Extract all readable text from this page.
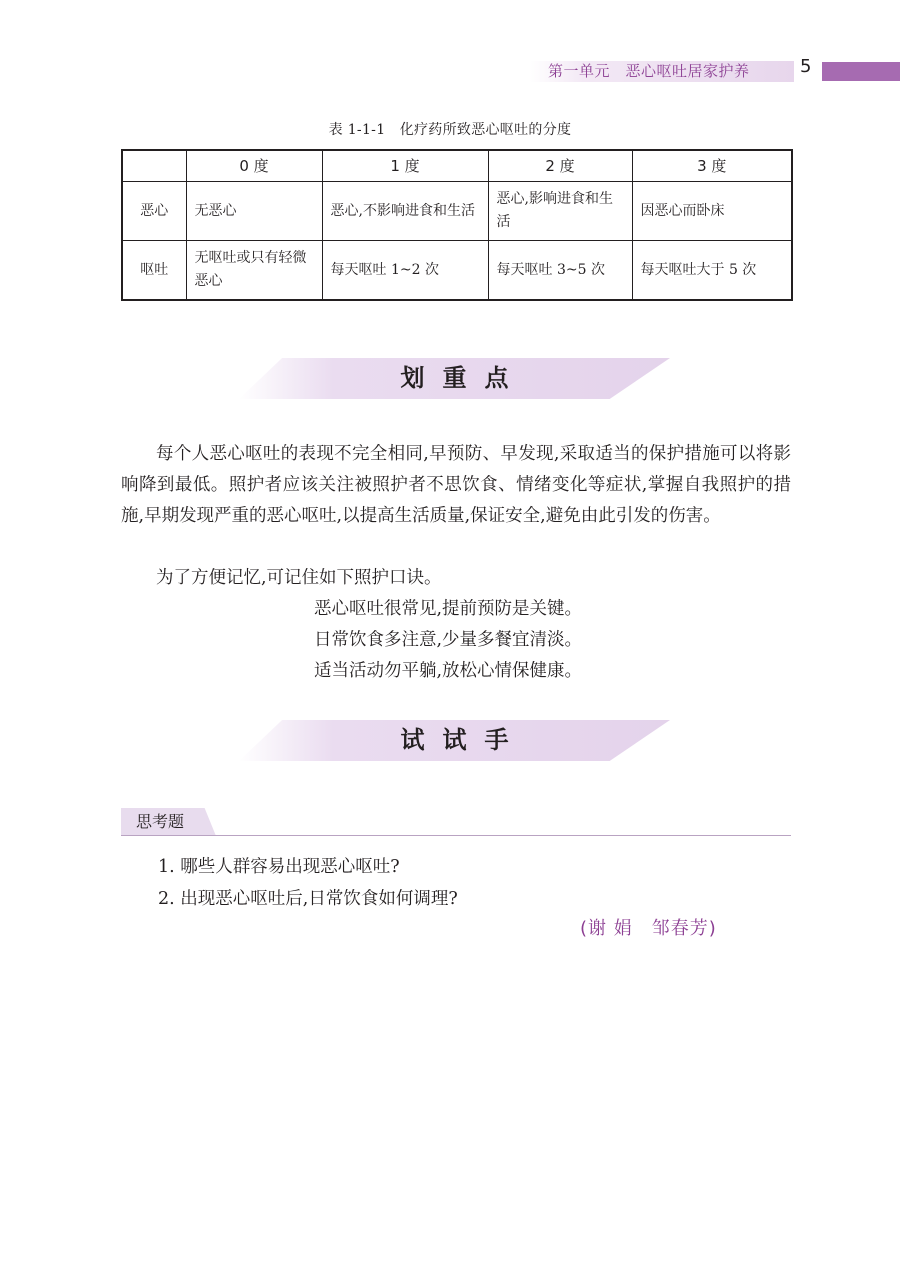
第一单元　恶心呕吐居家护养	5
表 1-1-1　化疗药所致恶心呕吐的分度
	0 度	1 度	2 度	3 度
恶心	无恶心	恶心,不影响进食和生活	恶心,影响进食和生活	因恶心而卧床
呕吐	无呕吐或只有轻微恶心	每天呕吐 1~2 次	每天呕吐 3~5 次	每天呕吐大于 5 次
划重点
每个人恶心呕吐的表现不完全相同,早预防、早发现,采取适当的保护措施可以将影响降到最低。照护者应该关注被照护者不思饮食、情绪变化等症状,掌握自我照护的措施,早期发现严重的恶心呕吐,以提高生活质量,保证安全,避免由此引发的伤害。
为了方便记忆,可记住如下照护口诀。
恶心呕吐很常见,提前预防是关键。
日常饮食多注意,少量多餐宜清淡。
适当活动勿平躺,放松心情保健康。
试试手
思考题
1. 哪些人群容易出现恶心呕吐?
2. 出现恶心呕吐后,日常饮食如何调理?
(谢 娟　邹春芳)
